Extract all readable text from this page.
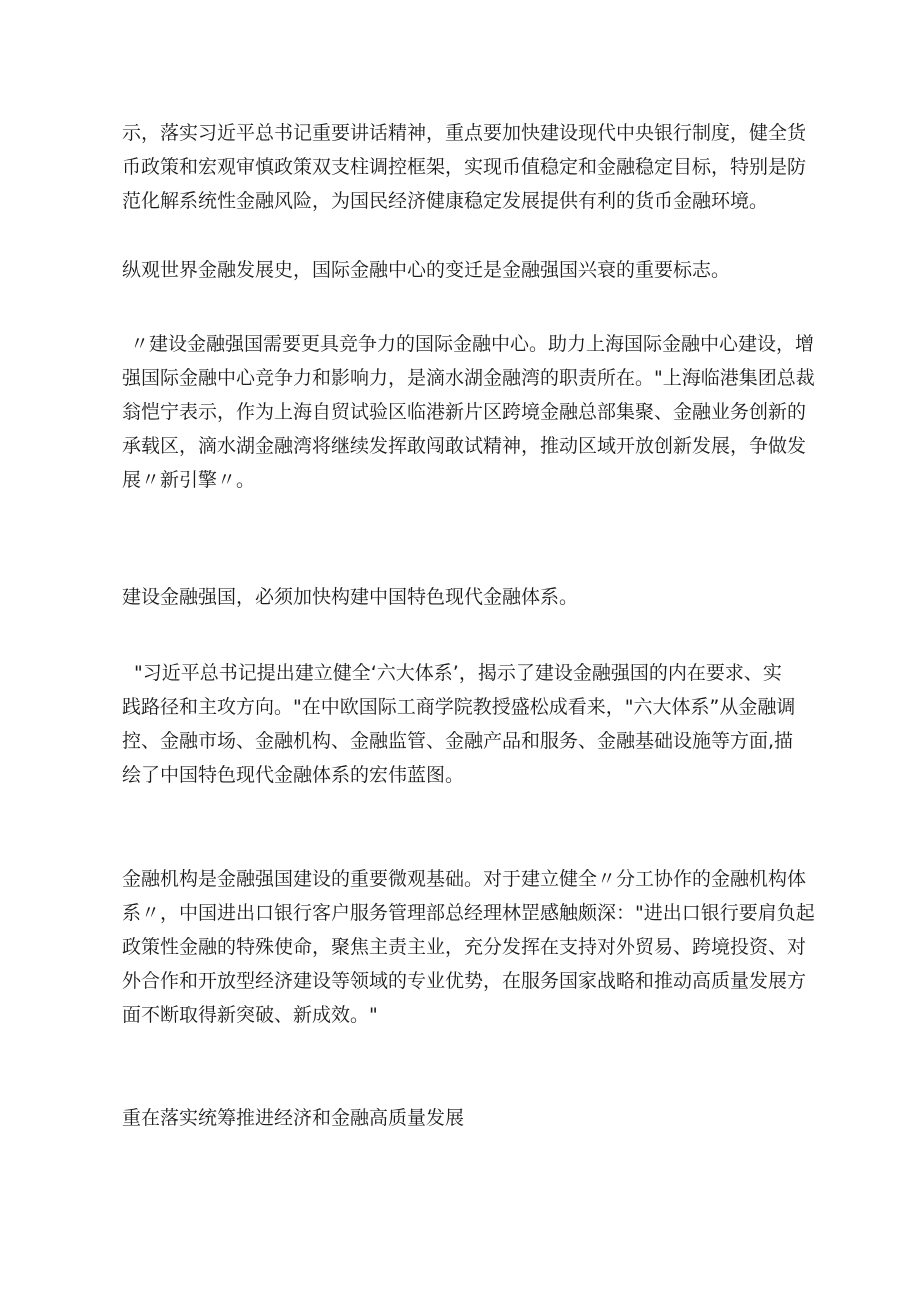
示，落实习近平总书记重要讲话精神，重点要加快建设现代中央银行制度，健全货
币政策和宏观审慎政策双支柱调控框架，实现币值稳定和金融稳定目标，特别是防
范化解系统性金融风险，为国民经济健康稳定发展提供有利的货币金融环境。

纵观世界金融发展史，国际金融中心的变迁是金融强国兴衰的重要标志。

〃建设金融强国需要更具竞争力的国际金融中心。助力上海国际金融中心建设，增
强国际金融中心竞争力和影响力，是滴水湖金融湾的职责所在。"上海临港集团总裁
翁恺宁表示，作为上海自贸试验区临港新片区跨境金融总部集聚、金融业务创新的
承载区，滴水湖金融湾将继续发挥敢闯敢试精神，推动区域开放创新发展，争做发
展〃新引擎〃。

建设金融强国，必须加快构建中国特色现代金融体系。

"习近平总书记提出建立健全‘六大体系’，揭示了建设金融强国的内在要求、实
践路径和主攻方向。"在中欧国际工商学院教授盛松成看来，"六大体系”从金融调
控、金融市场、金融机构、金融监管、金融产品和服务、金融基础设施等方面,描
绘了中国特色现代金融体系的宏伟蓝图。

金融机构是金融强国建设的重要微观基础。对于建立健全〃分工协作的金融机构体
系〃，中国进出口银行客户服务管理部总经理林罡感触颇深："进出口银行要肩负起
政策性金融的特殊使命，聚焦主责主业，充分发挥在支持对外贸易、跨境投资、对
外合作和开放型经济建设等领域的专业优势，在服务国家战略和推动高质量发展方
面不断取得新突破、新成效。"

重在落实统筹推进经济和金融高质量发展
